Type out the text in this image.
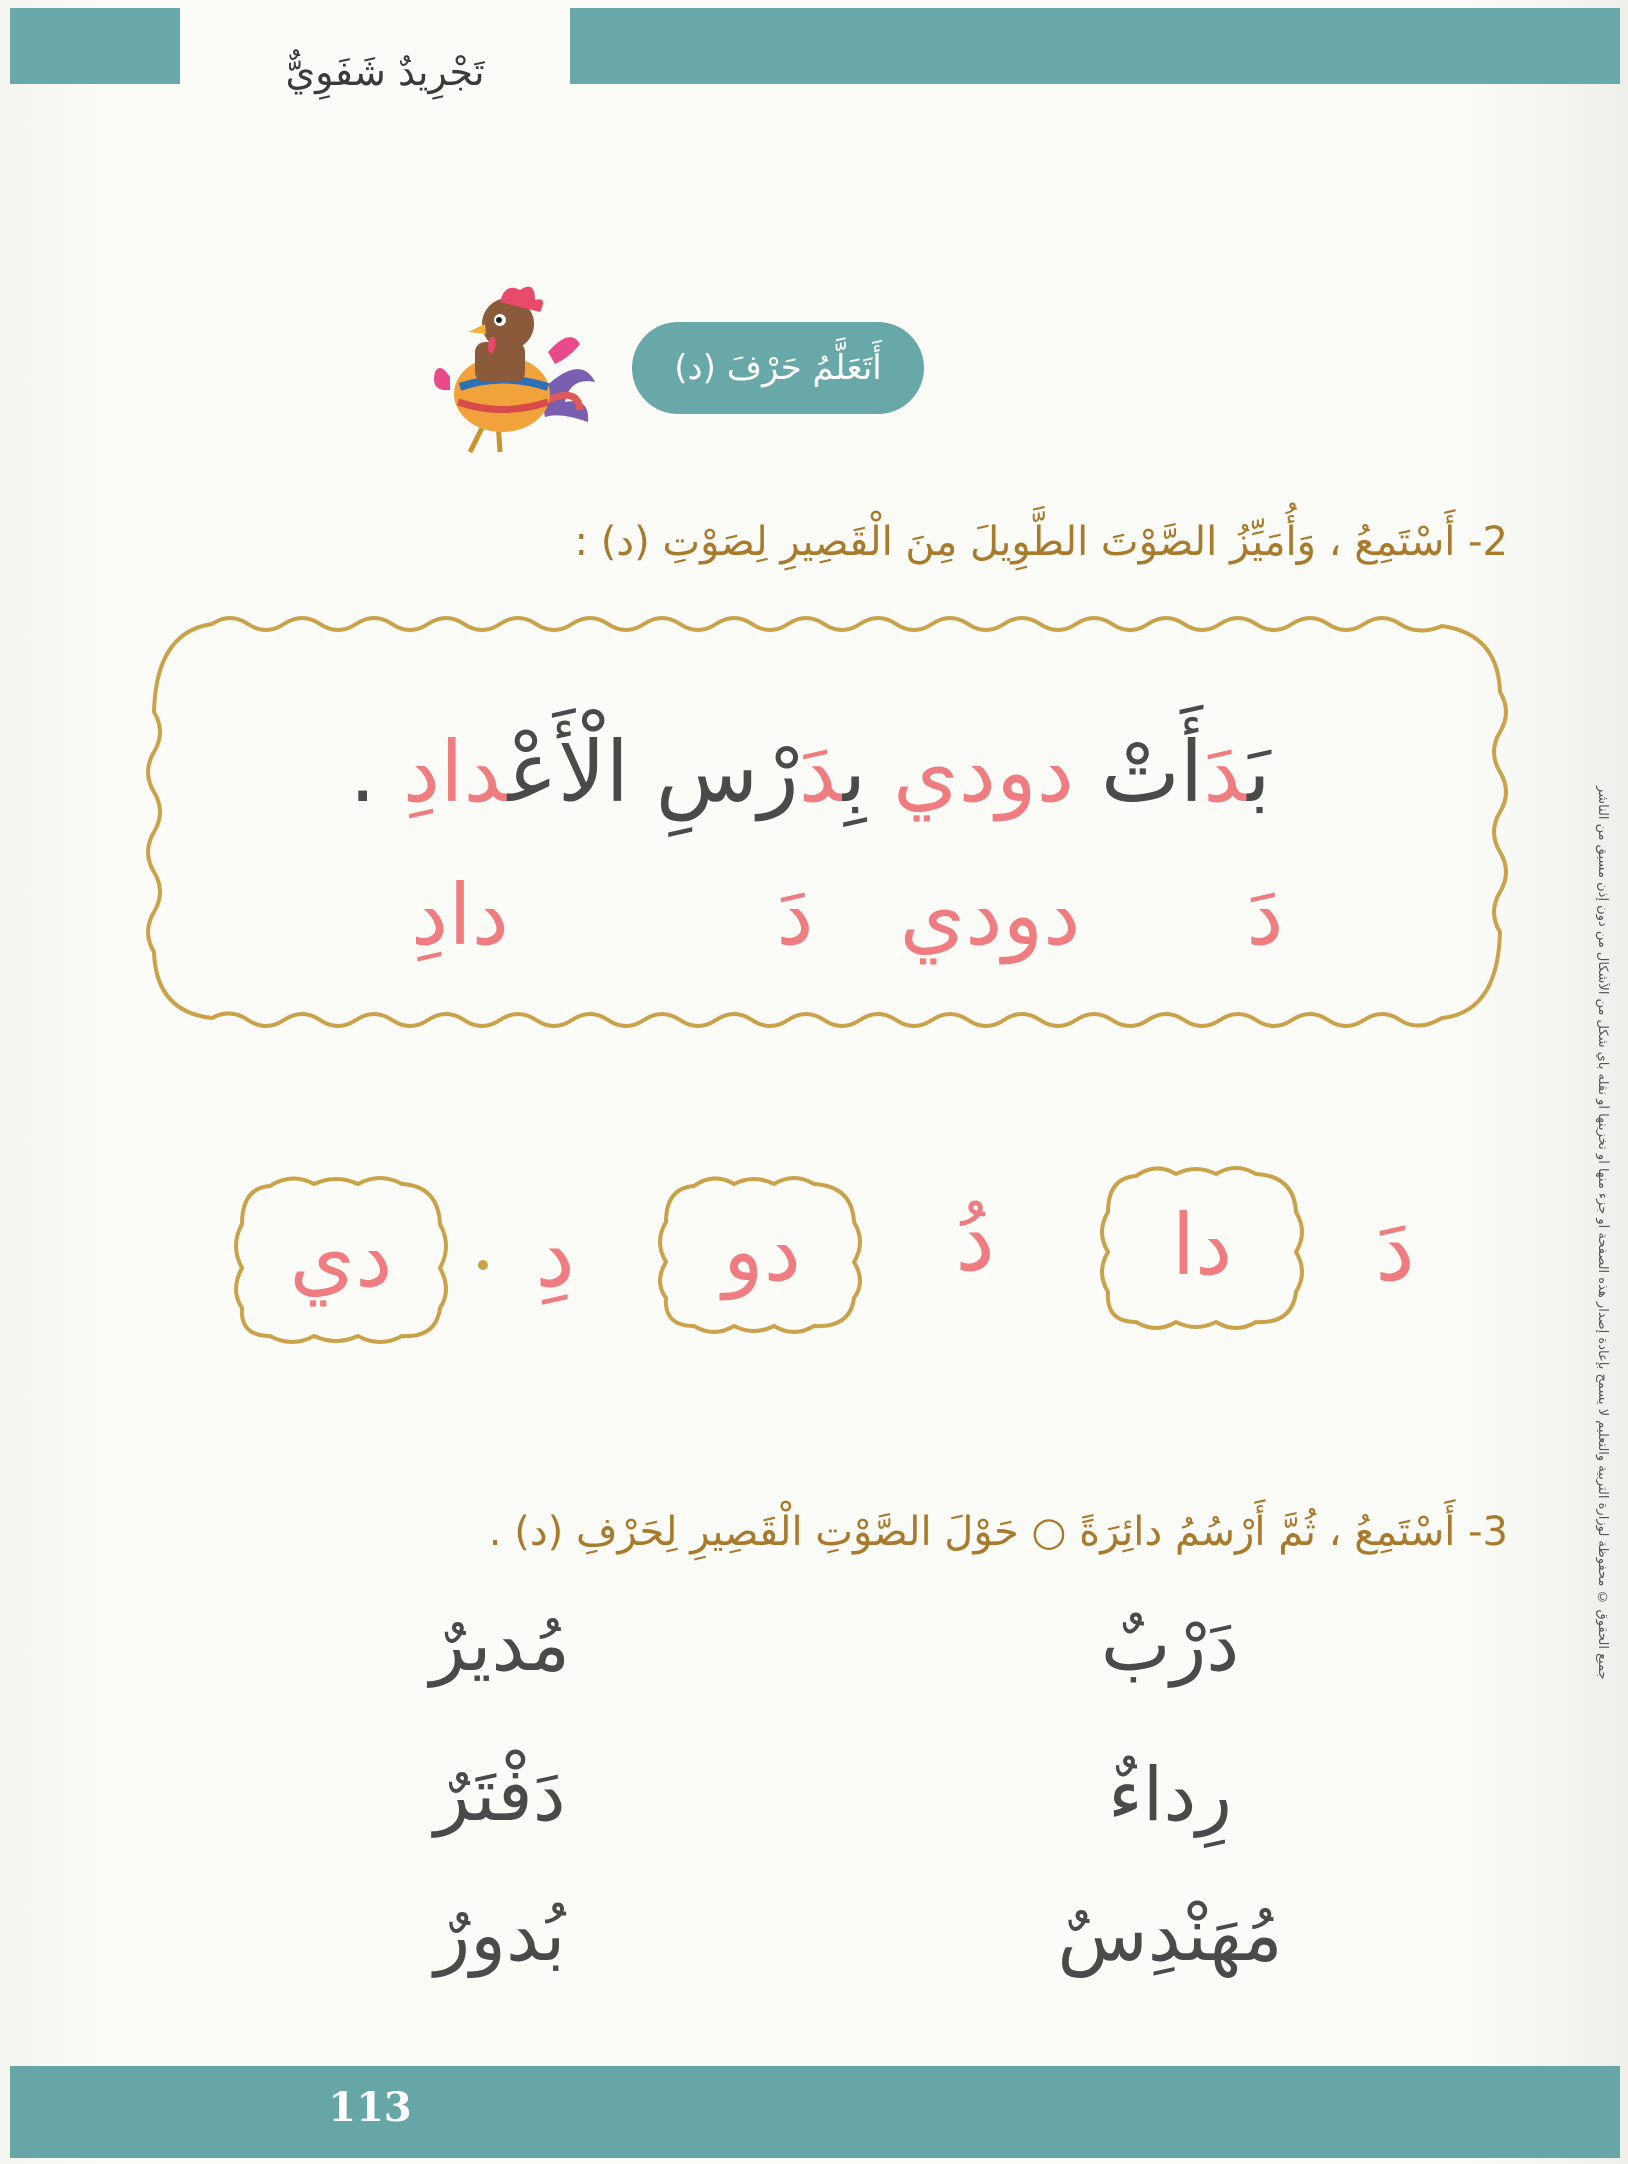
تَجْرِيدٌ شَفَوِيٌّ
أَتَعَلَّمُ حَرْفَ (د)
2- أَسْتَمِعُ ، وَأُمَيِّزُ الصَّوْتَ الطَّوِيلَ مِنَ الْقَصِيرِ لِصَوْتِ (د) :
بَدَأَتْ دودي بِدَرْسِ الْأَعْدادِ .
دَ
دودي
دَ
دادِ
دَ
دا
دُ
دو
دِ
دي
3- أَسْتَمِعُ ، ثُمَّ أَرْسُمُ دائِرَةً ○ حَوْلَ الصَّوْتِ الْقَصِيرِ لِحَرْفِ (د) .
دَرْبٌ
رِداءٌ
مُهَنْدِسٌ
مُديرٌ
دَفْتَرٌ
بُدورٌ
جميع الحقوق © محفوظة لوزارة التربية والتعليم لا يسمح بإعادة إصدار هذه الصفحة أو جزء منها أو تخزينها أو نقله بأي شكل من الأشكال من دون إذن مسبق من الناشر
113
